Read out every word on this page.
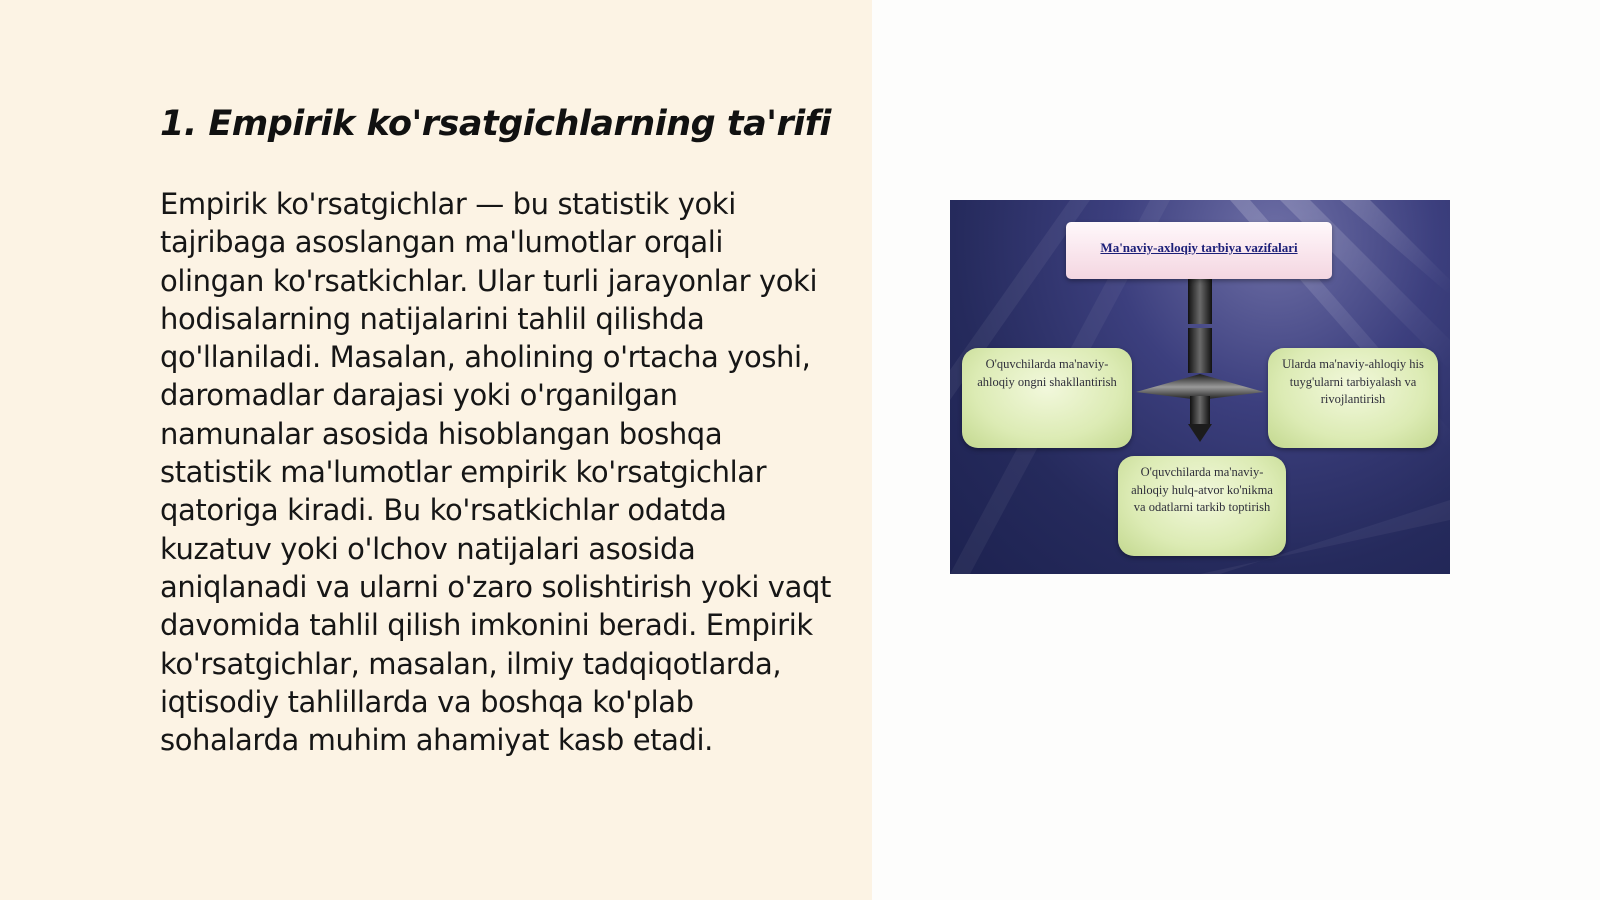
1. Empirik ko'rsatgichlarning ta'rifi

Empirik ko'rsatgichlar — bu statistik yoki tajribaga asoslangan ma'lumotlar orqali olingan ko'rsatkichlar. Ular turli jarayonlar yoki hodisalarning natijalarini tahlil qilishda qo'llaniladi. Masalan, aholining o'rtacha yoshi, daromadlar darajasi yoki o'rganilgan namunalar asosida hisoblangan boshqa statistik ma'lumotlar empirik ko'rsatgichlar qatoriga kiradi. Bu ko'rsatkichlar odatda kuzatuv yoki o'lchov natijalari asosida aniqlanadi va ularni o'zaro solishtirish yoki vaqt davomida tahlil qilish imkonini beradi. Empirik ko'rsatgichlar, masalan, ilmiy tadqiqotlarda, iqtisodiy tahlillarda va boshqa ko'plab sohalarda muhim ahamiyat kasb etadi.

Ma'naviy-axloqiy tarbiya vazifalari
O'quvchilarda ma'naviy-ahloqiy ongni shakllantirish
Ularda ma'naviy-ahloqiy his tuyg'ularni tarbiyalash va rivojlantirish
O'quvchilarda ma'naviy-ahloqiy hulq-atvor ko'nikma va odatlarni tarkib toptirish
